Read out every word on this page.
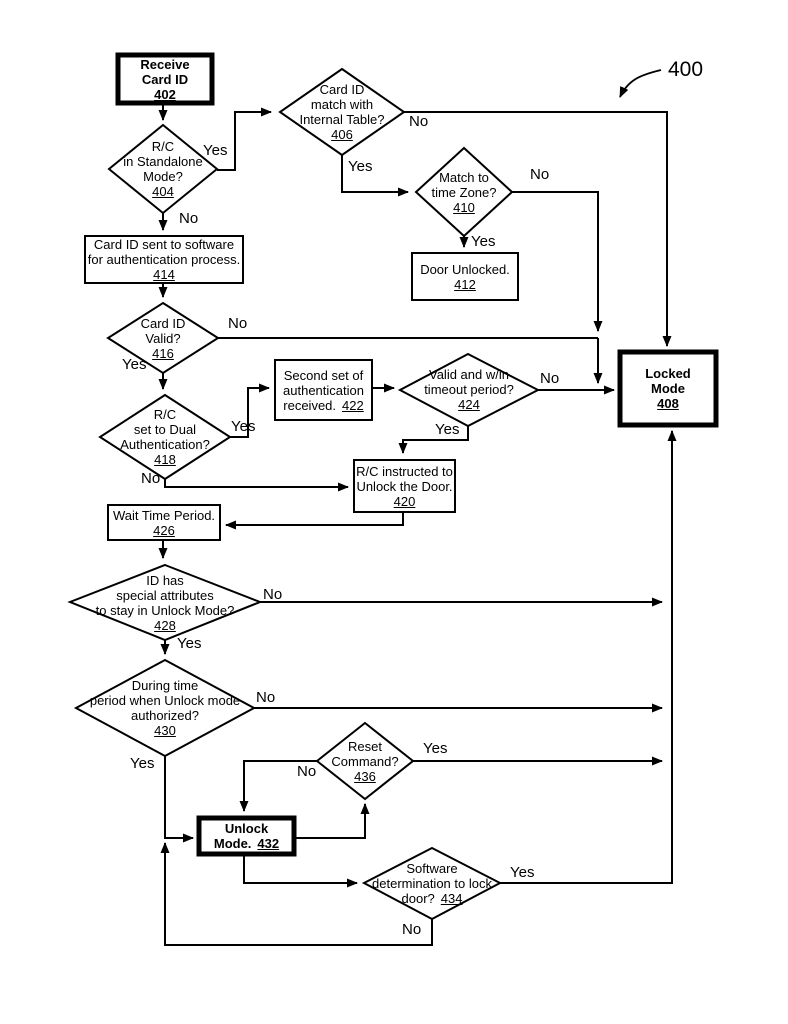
Receive
Card ID
402
R/C
in Standalone
Mode?
404
Card ID
match with
Internal Table?
406
Match to
time Zone?
410
Door Unlocked.
412
Card ID sent to software
for authentication process.
414
Card ID
Valid?
416
R/C
set to Dual
Authentication?
418
Second set of
authentication
received. 422
Valid and w/in
timeout period?
424
R/C instructed to
Unlock the Door.
420
Locked
Mode
408
Wait Time Period.
426
ID has
special attributes
to stay in Unlock Mode?
428
During time
period when Unlock mode
authorized?
430
Reset
Command?
436
Unlock
Mode. 432
Software
determination to lock
door? 434
Yes
No
Yes
No
Yes
No
Yes
No
Yes
No
Yes
No
Yes
No
Yes
No
Yes
No
Yes
No
400
